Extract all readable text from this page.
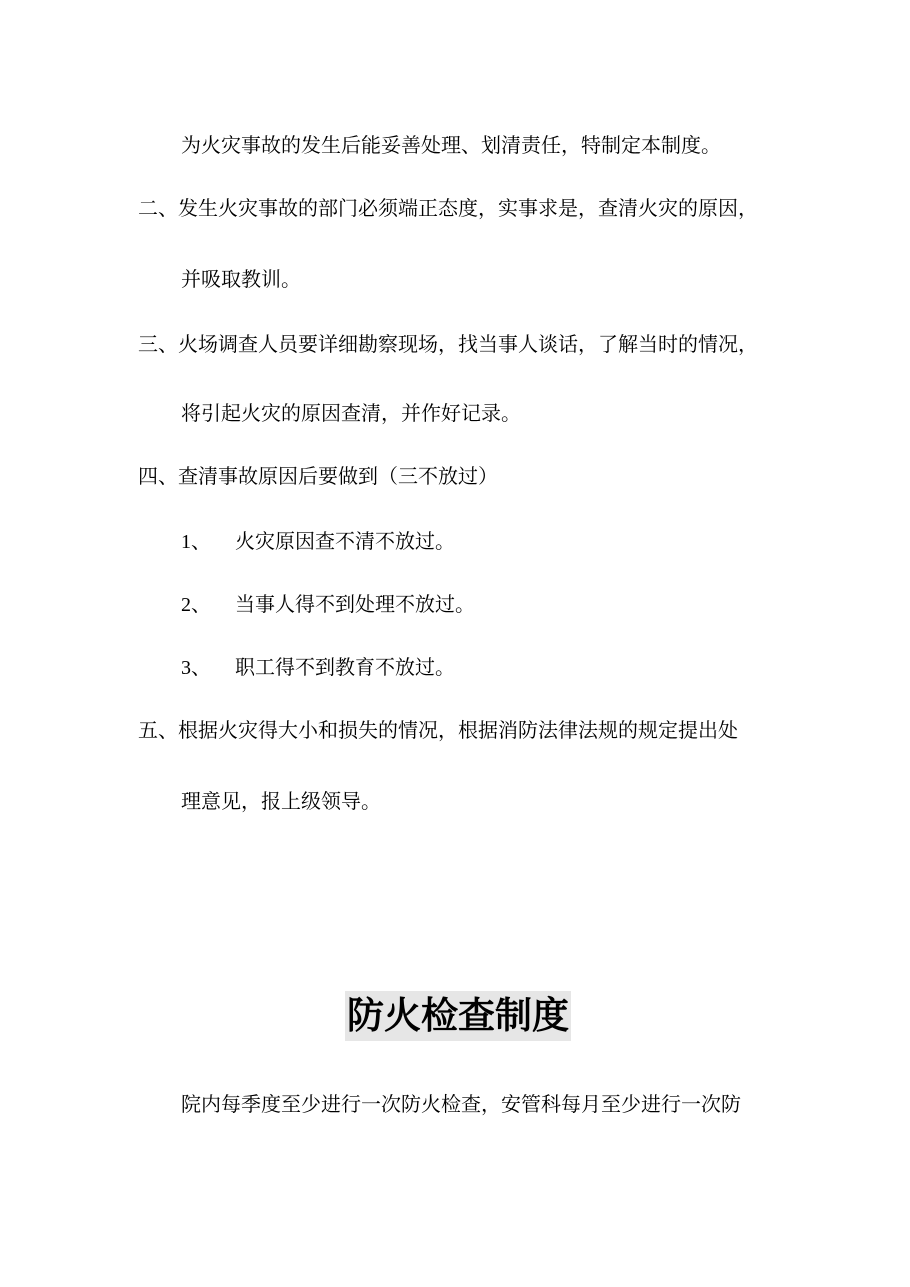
为火灾事故的发生后能妥善处理、划清责任，特制定本制度。
二、发生火灾事故的部门必须端正态度，实事求是，查清火灾的原因，
并吸取教训。
三、火场调查人员要详细勘察现场，找当事人谈话，了解当时的情况，
将引起火灾的原因查清，并作好记录。
四、查清事故原因后要做到（三不放过）
1、 火灾原因查不清不放过。
2、 当事人得不到处理不放过。
3、 职工得不到教育不放过。
五、根据火灾得大小和损失的情况，根据消防法律法规的规定提出处
理意见，报上级领导。
防火检查制度
院内每季度至少进行一次防火检查，安管科每月至少进行一次防
